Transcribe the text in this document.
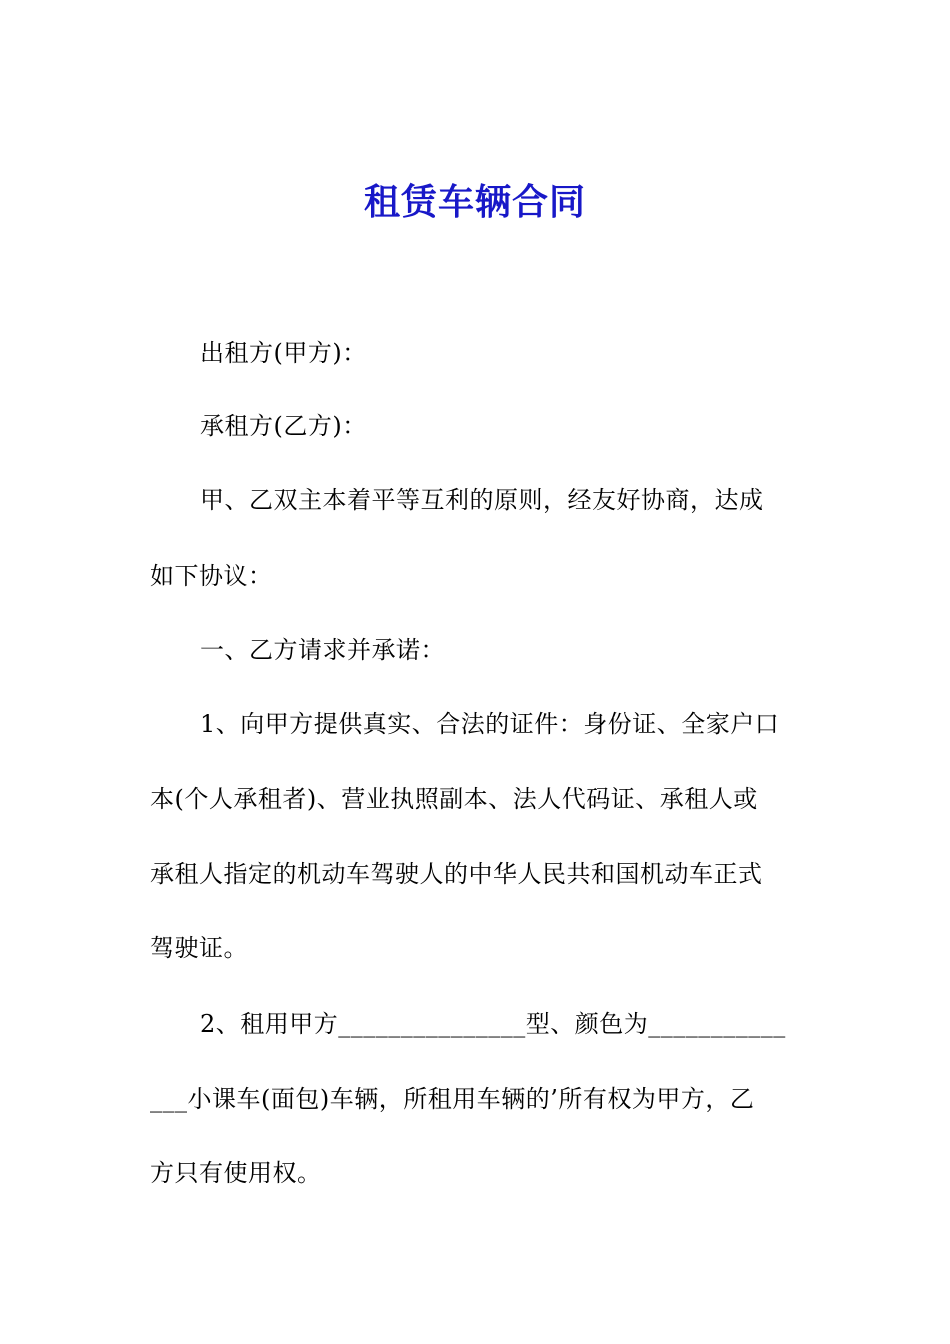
租赁车辆合同
出租方(甲方)：
承租方(乙方)：
甲、乙双主本着平等互利的原则，经友好协商，达成
如下协议：
一、乙方请求并承诺：
1、向甲方提供真实、合法的证件：身份证、全家户口
本(个人承租者)、营业执照副本、法人代码证、承租人或
承租人指定的机动车驾驶人的中华人民共和国机动车正式
驾驶证。
2、租用甲方_______________型、颜色为___________
___小课车(面包)车辆，所租用车辆的’所有权为甲方，乙
方只有使用权。
